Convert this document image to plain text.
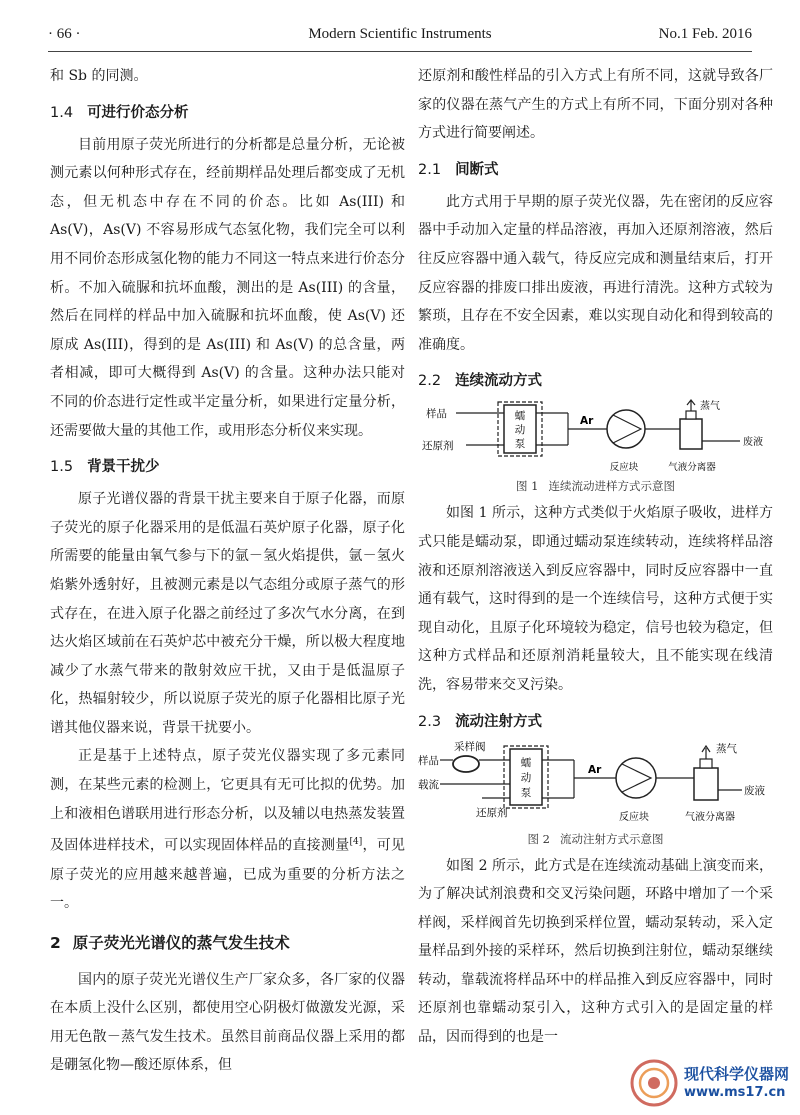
· 66 ·	Modern Scientific Instruments	No.1 Feb. 2016

和 Sb 的同测。

1.4 可进行价态分析

目前用原子荧光所进行的分析都是总量分析，无论被测元素以何种形式存在，经前期样品处理后都变成了无机态，但无机态中存在不同的价态。比如 As(III) 和 As(V)，As(V) 不容易形成气态氢化物，我们完全可以利用不同价态形成氢化物的能力不同这一特点来进行价态分析。不加入硫脲和抗坏血酸，测出的是 As(III) 的含量，然后在同样的样品中加入硫脲和抗坏血酸，使 As(V) 还原成 As(III)，得到的是 As(III) 和 As(V) 的总含量，两者相减，即可大概得到 As(V) 的含量。这种办法只能对不同的价态进行定性或半定量分析，如果进行定量分析，还需要做大量的其他工作，或用形态分析仪来实现。

1.5 背景干扰少

原子光谱仪器的背景干扰主要来自于原子化器，而原子荧光的原子化器采用的是低温石英炉原子化器，原子化所需要的能量由氧气参与下的氩－氢火焰提供，氩－氢火焰紫外透射好，且被测元素是以气态组分或原子蒸气的形式存在，在进入原子化器之前经过了多次气水分离，在到达火焰区域前在石英炉芯中被充分干燥，所以极大程度地减少了水蒸气带来的散射效应干扰，又由于是低温原子化，热辐射较少，所以说原子荧光的原子化器相比原子光谱其他仪器来说，背景干扰要小。

正是基于上述特点，原子荧光仪器实现了多元素同测，在某些元素的检测上，它更具有无可比拟的优势。加上和液相色谱联用进行形态分析，以及辅以电热蒸发装置及固体进样技术，可以实现固体样品的直接测量[4]，可见原子荧光的应用越来越普遍，已成为重要的分析方法之一。

2 原子荧光光谱仪的蒸气发生技术

国内的原子荧光光谱仪生产厂家众多，各厂家的仪器在本质上没什么区别，都使用空心阴极灯做激发光源，采用无色散－蒸气发生技术。虽然目前商品仪器上采用的都是硼氢化物—酸还原体系，但

还原剂和酸性样品的引入方式上有所不同，这就导致各厂家的仪器在蒸气产生的方式上有所不同，下面分别对各种方式进行简要阐述。

2.1 间断式

此方式用于早期的原子荧光仪器，先在密闭的反应容器中手动加入定量的样品溶液，再加入还原剂溶液，然后往反应容器中通入载气，待反应完成和测量结束后，打开反应容器的排废口排出废液，再进行清洗。这种方式较为繁琐，且存在不安全因素，难以实现自动化和得到较高的准确度。

2.2 连续流动方式
样品
还原剂
Ar
反应块
蒸气
废液
气液分离器
蠕动泵
图 1 连续流动进样方式示意图

如图 1 所示，这种方式类似于火焰原子吸收，进样方式只能是蠕动泵，即通过蠕动泵连续转动，连续将样品溶液和还原剂溶液送入到反应容器中，同时反应容器中一直通有载气，这时得到的是一个连续信号，这种方式便于实现自动化，且原子化环境较为稳定，信号也较为稳定，但这种方式样品和还原剂消耗量较大，且不能实现在线清洗，容易带来交叉污染。

2.3 流动注射方式
采样阀
样品
载流
还原剂
Ar
反应块
蒸气
废液
气液分离器
蠕动泵
图 2 流动注射方式示意图

如图 2 所示，此方式是在连续流动基础上演变而来，为了解决试剂浪费和交叉污染问题，环路中增加了一个采样阀，采样阀首先切换到采样位置，蠕动泵转动，采入定量样品到外接的采样环，然后切换到注射位，蠕动泵继续转动，靠载流将样品环中的样品推入到反应容器中，同时还原剂也靠蠕动泵引入，这种方式引入的是固定量的样品，因而得到的也是一

现代科学仪器网
www.ms17.cn
